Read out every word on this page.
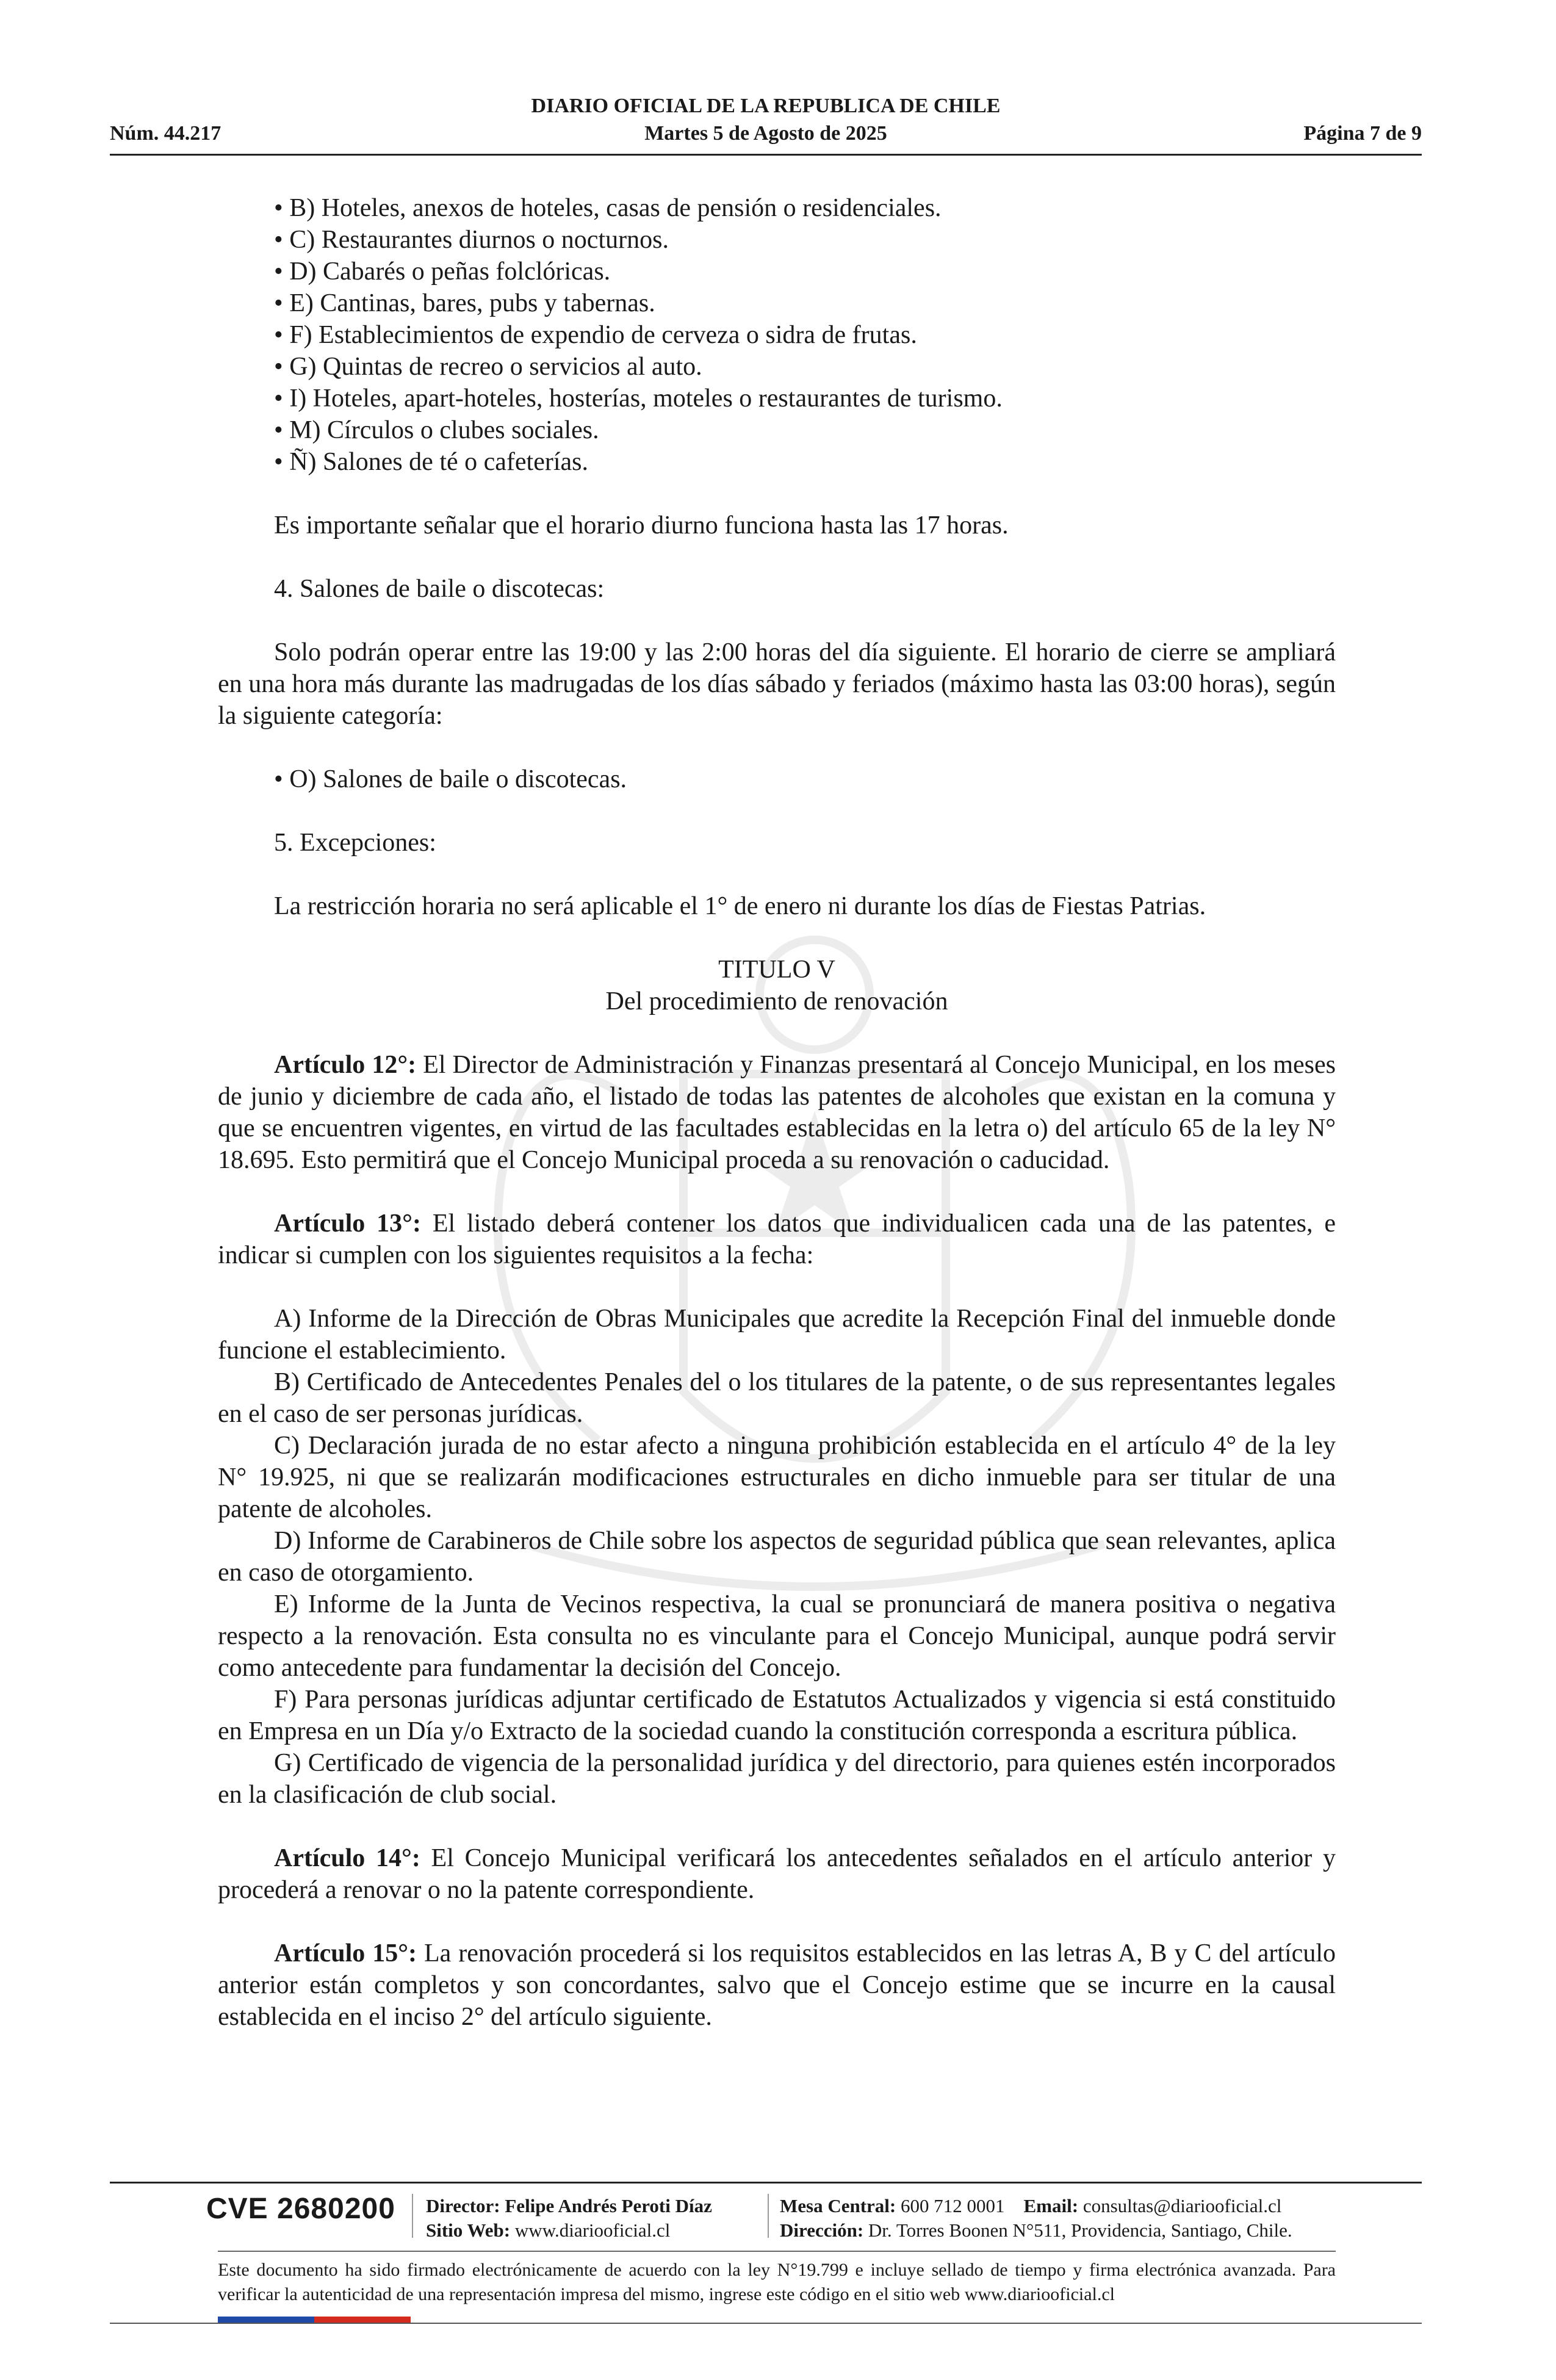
Núm. 44.217
DIARIO OFICIAL DE LA REPUBLICA DE CHILE
Martes 5 de Agosto de 2025	Página 7 de 9

• B) Hoteles, anexos de hoteles, casas de pensión o residenciales.

• C) Restaurantes diurnos o nocturnos.

• D) Cabarés o peñas folclóricas.

• E) Cantinas, bares, pubs y tabernas.

• F) Establecimientos de expendio de cerveza o sidra de frutas.

• G) Quintas de recreo o servicios al auto.

• I) Hoteles, apart-hoteles, hosterías, moteles o restaurantes de turismo.

• M) Círculos o clubes sociales.

• Ñ) Salones de té o cafeterías.

Es importante señalar que el horario diurno funciona hasta las 17 horas.

4. Salones de baile o discotecas:

Solo podrán operar entre las 19:00 y las 2:00 horas del día siguiente. El horario de cierre se ampliará en una hora más durante las madrugadas de los días sábado y feriados (máximo hasta las 03:00 horas), según la siguiente categoría:

• O) Salones de baile o discotecas.

5. Excepciones:

La restricción horaria no será aplicable el 1° de enero ni durante los días de Fiestas Patrias.

TITULO V

Del procedimiento de renovación

Artículo 12°: El Director de Administración y Finanzas presentará al Concejo Municipal, en los meses de junio y diciembre de cada año, el listado de todas las patentes de alcoholes que existan en la comuna y que se encuentren vigentes, en virtud de las facultades establecidas en la letra o) del artículo 65 de la ley N° 18.695. Esto permitirá que el Concejo Municipal proceda a su renovación o caducidad.

Artículo 13°: El listado deberá contener los datos que individualicen cada una de las patentes, e indicar si cumplen con los siguientes requisitos a la fecha:

A) Informe de la Dirección de Obras Municipales que acredite la Recepción Final del inmueble donde funcione el establecimiento.

B) Certificado de Antecedentes Penales del o los titulares de la patente, o de sus representantes legales en el caso de ser personas jurídicas.

C) Declaración jurada de no estar afecto a ninguna prohibición establecida en el artículo 4° de la ley N° 19.925, ni que se realizarán modificaciones estructurales en dicho inmueble para ser titular de una patente de alcoholes.

D) Informe de Carabineros de Chile sobre los aspectos de seguridad pública que sean relevantes, aplica en caso de otorgamiento.

E) Informe de la Junta de Vecinos respectiva, la cual se pronunciará de manera positiva o negativa respecto a la renovación. Esta consulta no es vinculante para el Concejo Municipal, aunque podrá servir como antecedente para fundamentar la decisión del Concejo.

F) Para personas jurídicas adjuntar certificado de Estatutos Actualizados y vigencia si está constituido en Empresa en un Día y/o Extracto de la sociedad cuando la constitución corresponda a escritura pública.

G) Certificado de vigencia de la personalidad jurídica y del directorio, para quienes estén incorporados en la clasificación de club social.

Artículo 14°: El Concejo Municipal verificará los antecedentes señalados en el artículo anterior y procederá a renovar o no la patente correspondiente.

Artículo 15°: La renovación procederá si los requisitos establecidos en las letras A, B y C del artículo anterior están completos y son concordantes, salvo que el Concejo estime que se incurre en la causal establecida en el inciso 2° del artículo siguiente.

CVE 2680200 Director: Felipe Andrés Peroti Díaz
Sitio Web: www.diariooficial.cl
Mesa Central: 600 712 0001 Email: consultas@diariooficial.cl
Dirección: Dr. Torres Boonen N°511, Providencia, Santiago, Chile.
Este documento ha sido firmado electrónicamente de acuerdo con la ley N°19.799 e incluye sellado de tiempo y firma electrónica avanzada. Para verificar la autenticidad de una representación impresa del mismo, ingrese este código en el sitio web www.diariooficial.cl
